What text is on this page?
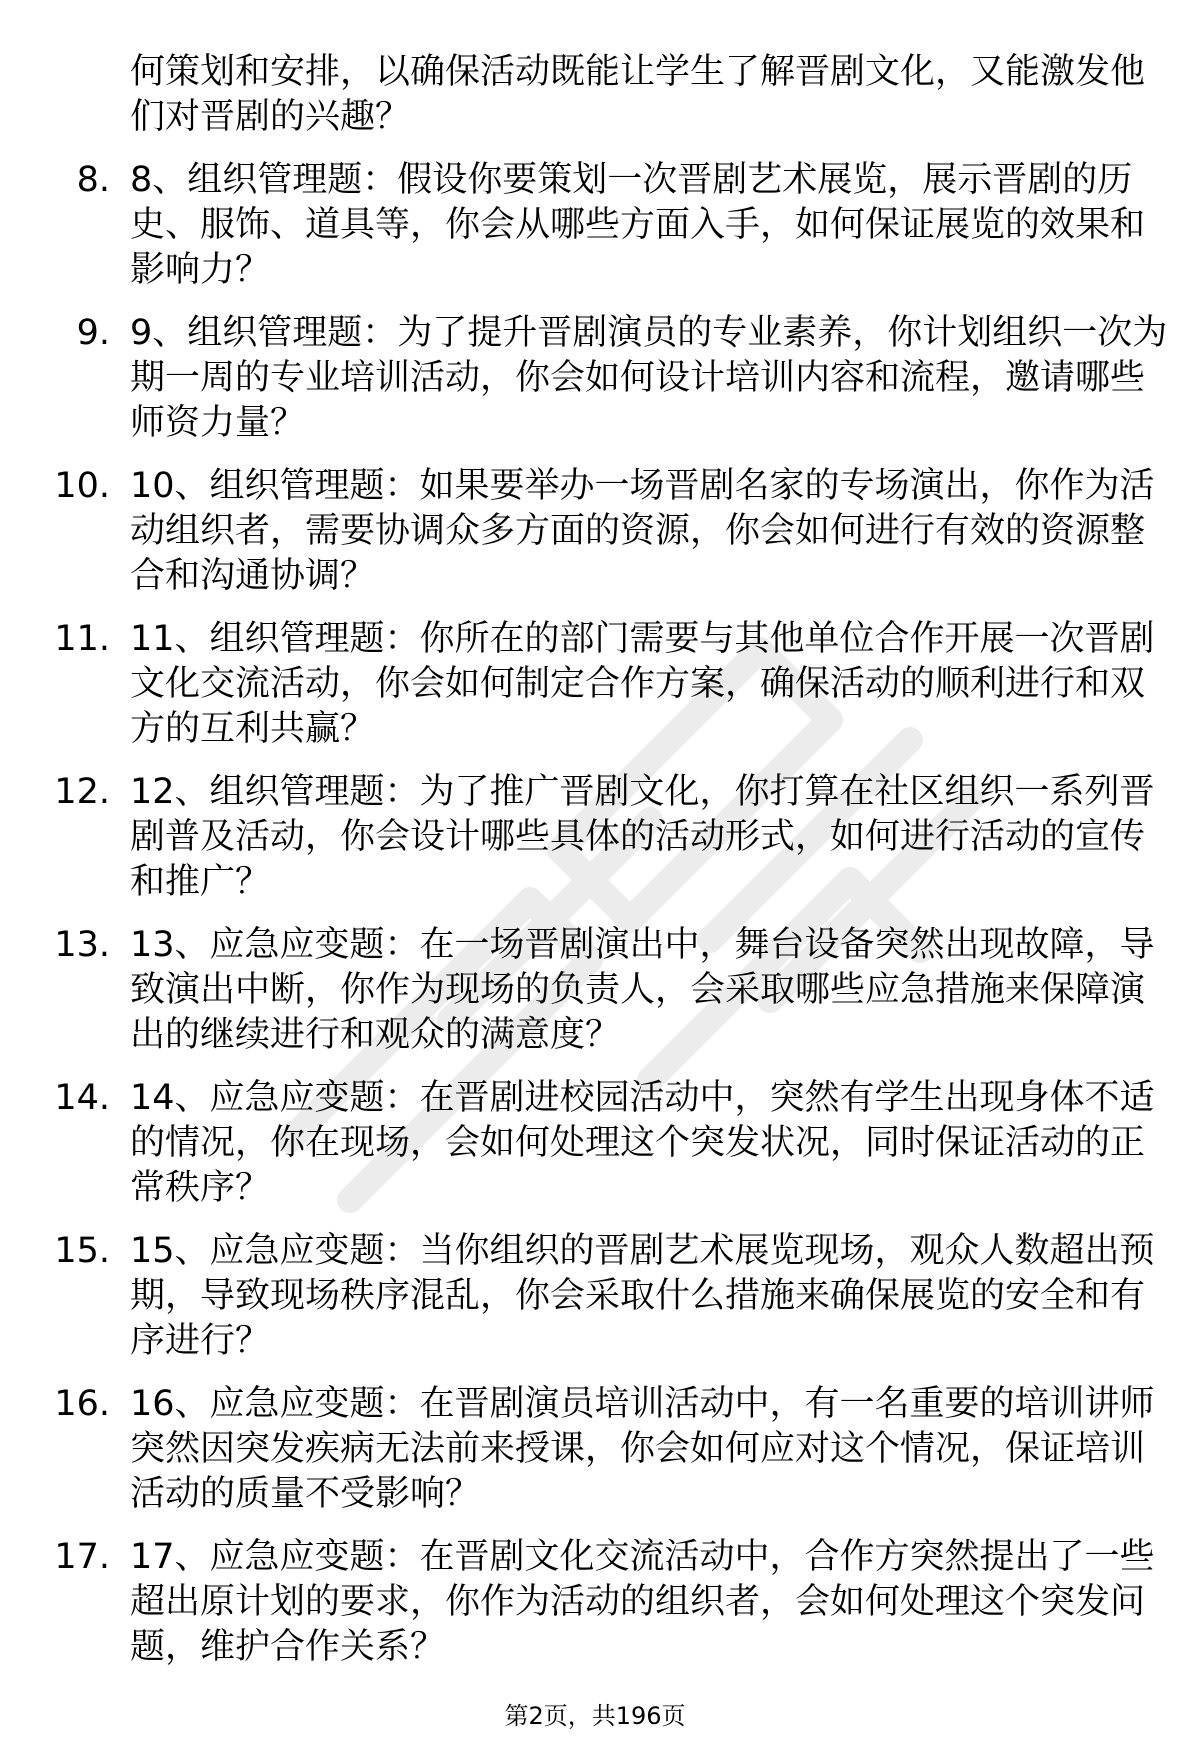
何策划和安排，以确保活动既能让学生了解晋剧文化，又能激发他们对晋剧的兴趣？
8. 8、组织管理题：假设你要策划一次晋剧艺术展览，展示晋剧的历史、服饰、道具等，你会从哪些方面入手，如何保证展览的效果和影响力？
9. 9、组织管理题：为了提升晋剧演员的专业素养，你计划组织一次为期一周的专业培训活动，你会如何设计培训内容和流程，邀请哪些师资力量？
10. 10、组织管理题：如果要举办一场晋剧名家的专场演出，你作为活动组织者，需要协调众多方面的资源，你会如何进行有效的资源整合和沟通协调？
11. 11、组织管理题：你所在的部门需要与其他单位合作开展一次晋剧文化交流活动，你会如何制定合作方案，确保活动的顺利进行和双方的互利共赢？
12. 12、组织管理题：为了推广晋剧文化，你打算在社区组织一系列晋剧普及活动，你会设计哪些具体的活动形式，如何进行活动的宣传和推广？
13. 13、应急应变题：在一场晋剧演出中，舞台设备突然出现故障，导致演出中断，你作为现场的负责人，会采取哪些应急措施来保障演出的继续进行和观众的满意度？
14. 14、应急应变题：在晋剧进校园活动中，突然有学生出现身体不适的情况，你在现场，会如何处理这个突发状况，同时保证活动的正常秩序？
15. 15、应急应变题：当你组织的晋剧艺术展览现场，观众人数超出预期，导致现场秩序混乱，你会采取什么措施来确保展览的安全和有序进行？
16. 16、应急应变题：在晋剧演员培训活动中，有一名重要的培训讲师突然因突发疾病无法前来授课，你会如何应对这个情况，保证培训活动的质量不受影响？
17. 17、应急应变题：在晋剧文化交流活动中，合作方突然提出了一些超出原计划的要求，你作为活动的组织者，会如何处理这个突发问题，维护合作关系？
第2页，共196页
